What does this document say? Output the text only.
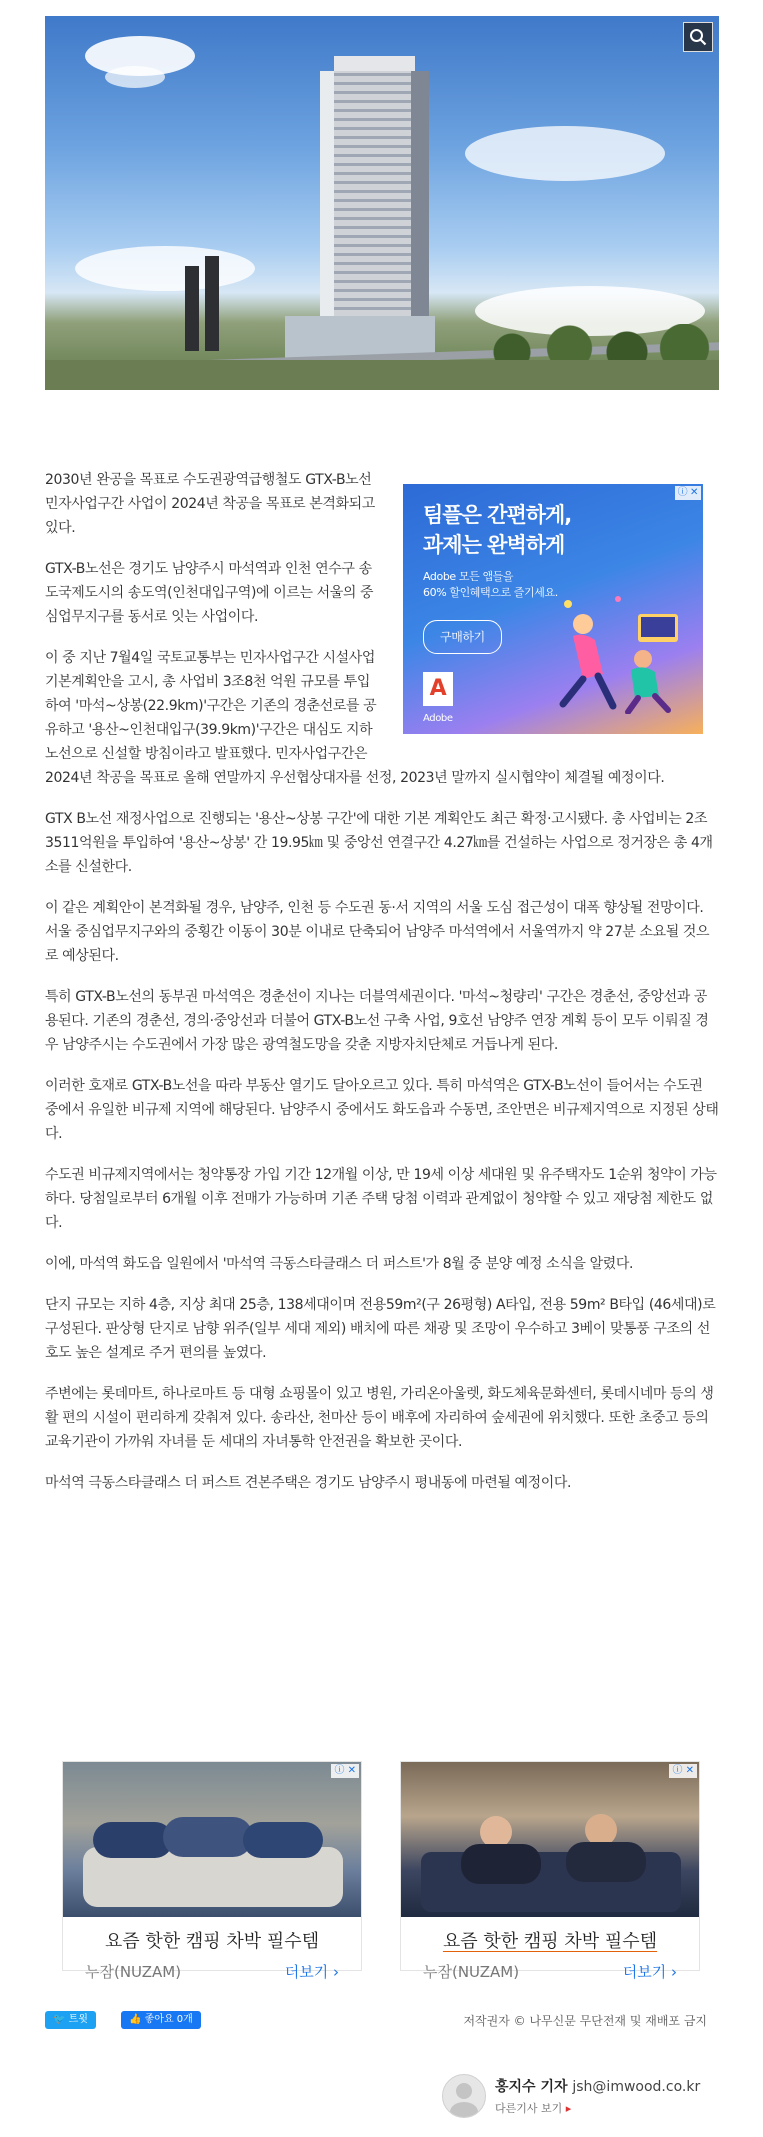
ⓘ ✕
팀플은 간편하게,
과제는 완벽하게
Adobe 모든 앱들을
60% 할인혜택으로 즐기세요.
구매하기
A
Adobe

2030년 완공을 목표로 수도권광역급행철도 GTX-B노선 민자사업구간 사업이 2024년 착공을 목표로 본격화되고 있다.

GTX-B노선은 경기도 남양주시 마석역과 인천 연수구 송도국제도시의 송도역(인천대입구역)에 이르는 서울의 중심업무지구를 동서로 잇는 사업이다.

이 중 지난 7월4일 국토교통부는 민자사업구간 시설사업기본계획안을 고시, 총 사업비 3조8천 억원 규모를 투입하여 '마석~상봉(22.9km)'구간은 기존의 경춘선로를 공유하고 '용산~인천대입구(39.9km)'구간은 대심도 지하노선으로 신설할 방침이라고 발표했다. 민자사업구간은 2024년 착공을 목표로 올해 연말까지 우선협상대자를 선정, 2023년 말까지 실시협약이 체결될 예정이다.

GTX B노선 재정사업으로 진행되는 '용산~상봉 구간'에 대한 기본 계획안도 최근 확정·고시됐다. 총 사업비는 2조 3511억원을 투입하여 '용산~상봉' 간 19.95㎞ 및 중앙선 연결구간 4.27㎞를 건설하는 사업으로 정거장은 총 4개소를 신설한다.

이 같은 계획안이 본격화될 경우, 남양주, 인천 등 수도권 동·서 지역의 서울 도심 접근성이 대폭 향상될 전망이다. 서울 중심업무지구와의 중횡간 이동이 30분 이내로 단축되어 남양주 마석역에서 서울역까지 약 27분 소요될 것으로 예상된다.

특히 GTX-B노선의 동부권 마석역은 경춘선이 지나는 더블역세권이다. '마석~청량리' 구간은 경춘선, 중앙선과 공용된다. 기존의 경춘선, 경의·중앙선과 더불어 GTX-B노선 구축 사업, 9호선 남양주 연장 계획 등이 모두 이뤄질 경우 남양주시는 수도권에서 가장 많은 광역철도망을 갖춘 지방자치단체로 거듭나게 된다.

이러한 호재로 GTX-B노선을 따라 부동산 열기도 달아오르고 있다. 특히 마석역은 GTX-B노선이 들어서는 수도권 중에서 유일한 비규제 지역에 해당된다. 남양주시 중에서도 화도읍과 수동면, 조안면은 비규제지역으로 지정된 상태다.

수도권 비규제지역에서는 청약통장 가입 기간 12개월 이상, 만 19세 이상 세대원 및 유주택자도 1순위 청약이 가능하다. 당첨일로부터 6개월 이후 전매가 가능하며 기존 주택 당첨 이력과 관계없이 청약할 수 있고 재당첨 제한도 없다.

이에, 마석역 화도읍 일원에서 '마석역 극동스타클래스 더 퍼스트'가 8월 중 분양 예정 소식을 알렸다.

단지 규모는 지하 4층, 지상 최대 25층, 138세대이며 전용59m²(구 26평형) A타입, 전용 59m² B타입 (46세대)로 구성된다. 판상형 단지로 남향 위주(일부 세대 제외) 배치에 따른 채광 및 조망이 우수하고 3베이 맞통풍 구조의 선호도 높은 설계로 주거 편의를 높였다.

주변에는 롯데마트, 하나로마트 등 대형 쇼핑몰이 있고 병원, 가리온아울렛, 화도체육문화센터, 롯데시네마 등의 생활 편의 시설이 편리하게 갖춰져 있다. 송라산, 천마산 등이 배후에 자리하여 숲세권에 위치했다. 또한 초중고 등의 교육기관이 가까워 자녀를 둔 세대의 자녀통학 안전권을 확보한 곳이다.

마석역 극동스타클래스 더 퍼스트 견본주택은 경기도 남양주시 평내동에 마련될 예정이다.

ⓘ ✕
요즘 핫한 캠핑 차박 필수템
누잠(NUZAM)	더보기 ›
ⓘ ✕
요즘 핫한 캠핑 차박 필수템
누잠(NUZAM)	더보기 ›
🐦 트윗	👍 좋아요 0개	저작권자 © 나무신문 무단전재 및 재배포 금지
홍지수 기자 jsh@imwood.co.kr
다른기사 보기 ▸
